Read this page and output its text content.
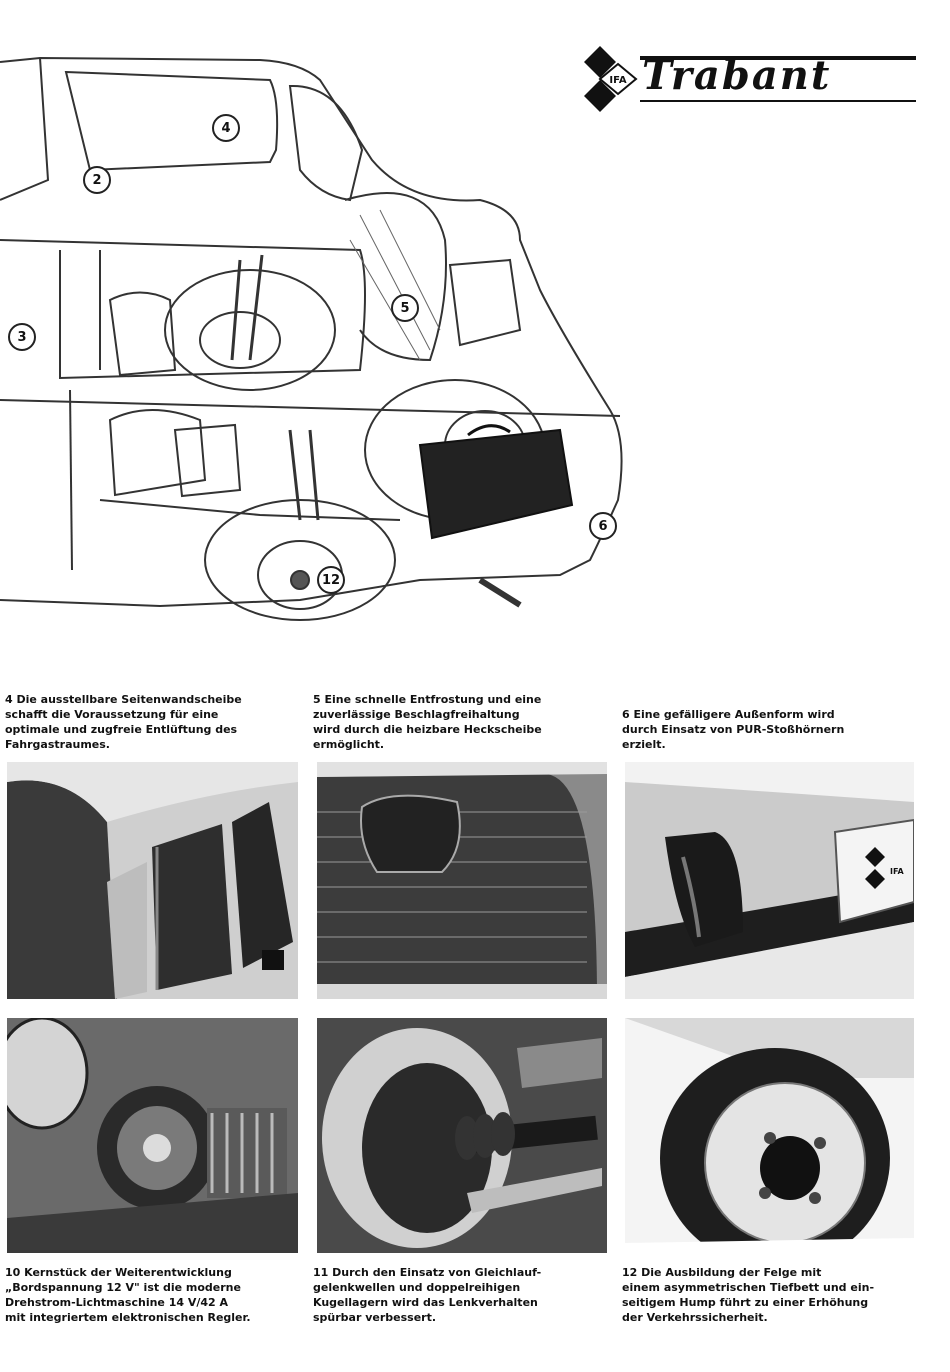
IFA Trabant
4
2
3
5
6
12
4 Die ausstellbare Seitenwandscheibe
schafft die Voraussetzung für eine
optimale und zugfreie Entlüftung des
Fahrgastraumes.
5 Eine schnelle Entfrostung und eine
zuverlässige Beschlagfreihaltung
wird durch die heizbare Heckscheibe
ermöglicht.
6 Eine gefälligere Außenform wird
durch Einsatz von PUR-Stoßhörnern
erzielt.
IFA
10 Kernstück der Weiterentwicklung
„Bordspannung 12 V" ist die moderne
Drehstrom-Lichtmaschine 14 V/42 A
mit integriertem elektronischen Regler.
11 Durch den Einsatz von Gleichlauf-
gelenkwellen und doppelreihigen
Kugellagern wird das Lenkverhalten
spürbar verbessert.
12 Die Ausbildung der Felge mit
einem asymmetrischen Tiefbett und ein-
seitigem Hump führt zu einer Erhöhung
der Verkehrssicherheit.
